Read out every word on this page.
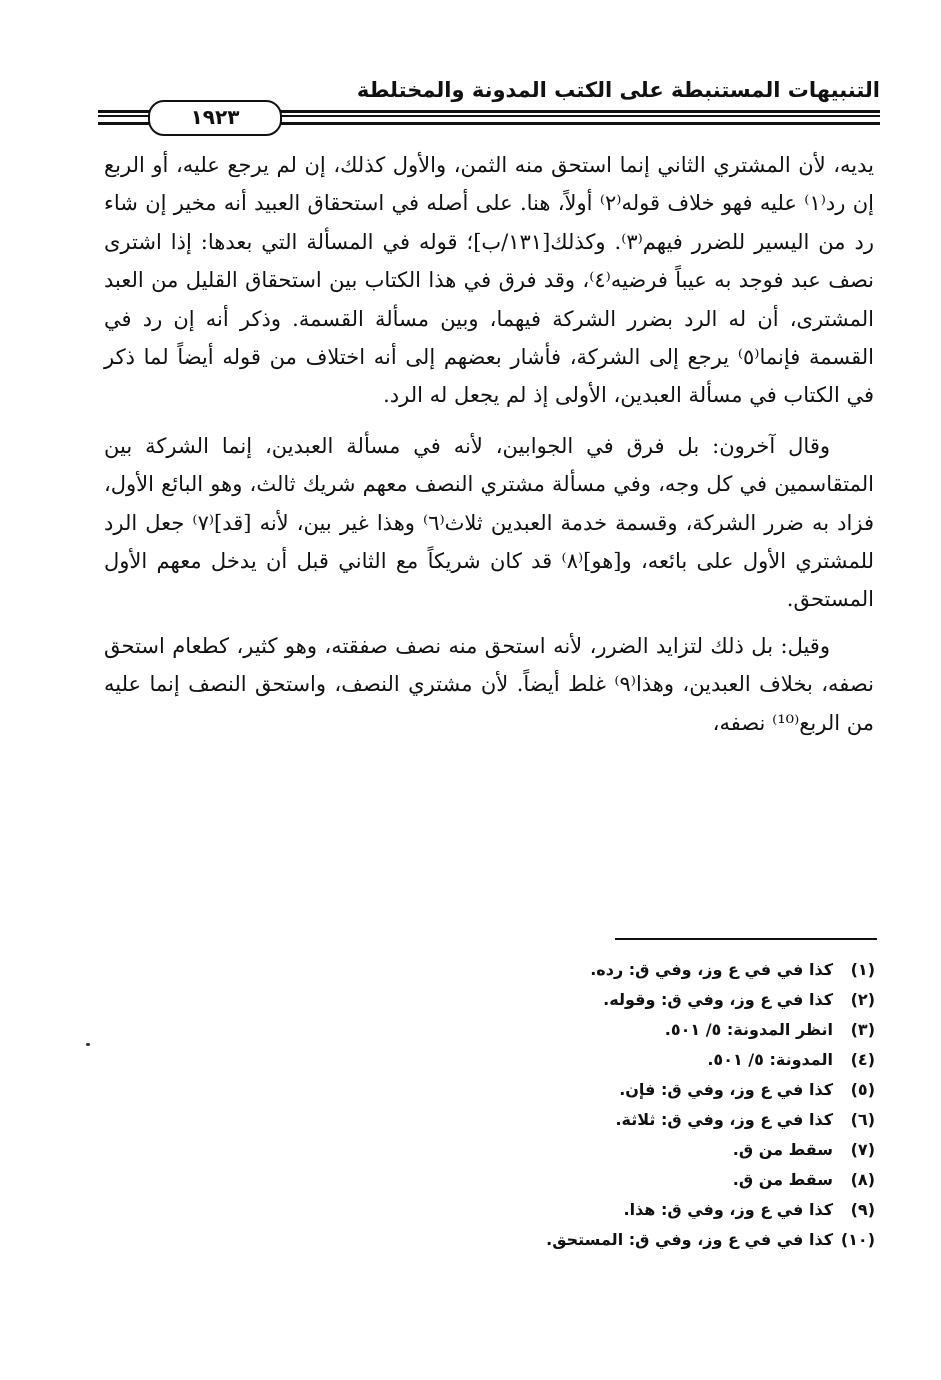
التنبيهات المستنبطة على الكتب المدونة والمختلطة
١٩٢٣

يديه، لأن المشتري الثاني إنما استحق منه الثمن، والأول كذلك، إن لم يرجع عليه، أو الربع إن رد⁽١⁾ عليه فهو خلاف قوله⁽٢⁾ أولاً، هنا. على أصله في استحقاق العبيد أنه مخير إن شاء رد من اليسير للضرر فيهم⁽٣⁾. وكذلك[١٣١/ب]؛ قوله في المسألة التي بعدها: إذا اشترى نصف عبد فوجد به عيباً فرضيه⁽٤⁾، وقد فرق في هذا الكتاب بين استحقاق القليل من العبد المشترى، أن له الرد بضرر الشركة فيهما، وبين مسألة القسمة. وذكر أنه إن رد في القسمة فإنما⁽٥⁾ يرجع إلى الشركة، فأشار بعضهم إلى أنه اختلاف من قوله أيضاً لما ذكر في الكتاب في مسألة العبدين، الأولى إذ لم يجعل له الرد.

وقال آخرون: بل فرق في الجوابين، لأنه في مسألة العبدين، إنما الشركة بين المتقاسمين في كل وجه، وفي مسألة مشتري النصف معهم شريك ثالث، وهو البائع الأول، فزاد به ضرر الشركة، وقسمة خدمة العبدين ثلاث⁽٦⁾ وهذا غير بين، لأنه [قد]⁽٧⁾ جعل الرد للمشتري الأول على بائعه، و[هو]⁽٨⁾ قد كان شريكاً مع الثاني قبل أن يدخل معهم الأول المستحق.

وقيل: بل ذلك لتزايد الضرر، لأنه استحق منه نصف صفقته، وهو كثير، كطعام استحق نصفه، بخلاف العبدين، وهذا⁽٩⁾ غلط أيضاً. لأن مشتري النصف، واستحق النصف إنما عليه من الربع⁽¹⁰⁾ نصفه،

(١)كذا في في ع وز، وفي ق: رده.
(٢)كذا في ع وز، وفي ق: وقوله.
(٣)انظر المدونة: ٥/ ٥٠١.
(٤)المدونة: ٥/ ٥٠١.
(٥)كذا في ع وز، وفي ق: فإن.
(٦)كذا في ع وز، وفي ق: ثلاثة.
(٧)سقط من ق.
(٨)سقط من ق.
(٩)كذا في ع وز، وفي ق: هذا.
(١٠)كذا في في ع وز، وفي ق: المستحق.
